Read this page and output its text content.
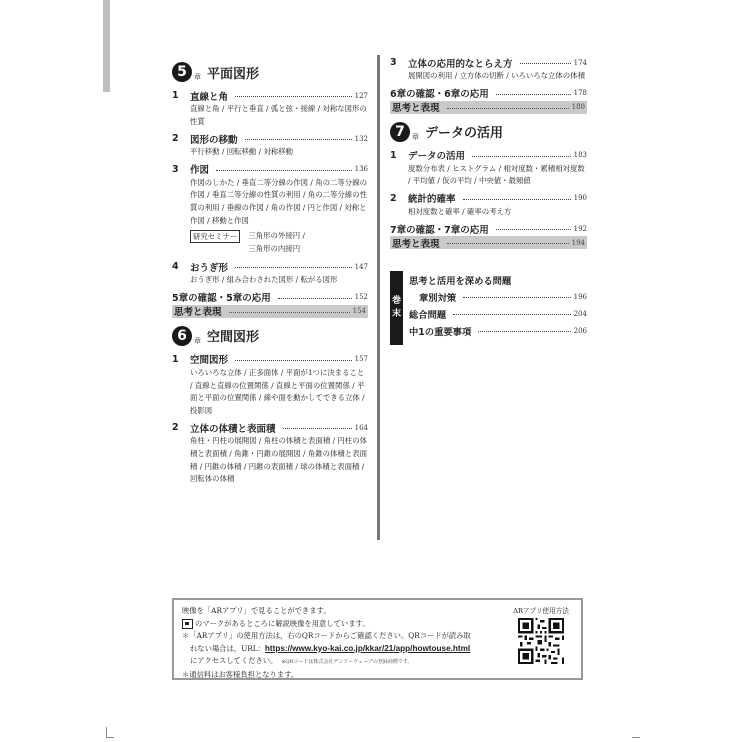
5	章 平面図形
1	直線と角	127
直線と角 / 平行と垂直 / 弧と弦・接線 / 対称な図形の性質
2	図形の移動	132
平行移動 / 回転移動 / 対称移動
3	作図	136
作図のしかた / 垂直二等分線の作図 / 角の二等分線の作図 / 垂直二等分線の性質の利用 / 角の二等分線の性質の利用 / 垂線の作図 / 角の作図 / 円と作図 / 対称と作図 / 移動と作図
研究セミナー	三角形の外接円 /
三角形の内接円
4	おうぎ形	147
おうぎ形 / 組み合わされた図形 / 転がる図形
5章の確認・5章の応用	152
思考と表現	154
6	章 空間図形
1	空間図形	157
いろいろな立体 / 正多面体 / 平面が1つに決まること / 直線と直線の位置関係 / 直線と平面の位置関係 / 平面と平面の位置関係 / 線や面を動かしてできる立体 / 投影図
2	立体の体積と表面積	164
角柱・円柱の展開図 / 角柱の体積と表面積 / 円柱の体積と表面積 / 角錐・円錐の展開図 / 角錐の体積と表面積 / 円錐の体積 / 円錐の表面積 / 球の体積と表面積 / 回転体の体積
3	立体の応用的なとらえ方	174
展開図の利用 / 立方体の切断 / いろいろな立体の体積
6章の確認・6章の応用	178
思考と表現	180
7	章 データの活用
1	データの活用	183
度数分布表 / ヒストグラム / 相対度数・累積相対度数 / 平均値 / 仮の平均 / 中央値・最頻値
2	統計的確率	190
相対度数と確率 / 確率の考え方
7章の確認・7章の応用	192
思考と表現	194
巻
末
思考と活用を深める問題
章別対策	196
総合問題	204
中1の重要事項	206
映像を「ARアプリ」で見ることができます。
のマークがあるところに解説映像を用意しています。
＊「ARアプリ」の使用方法は，右のQRコードからご確認ください。QRコードが読み取
れない場合は，URL：https://www.kyo-kai.co.jp/kkar/21/app/howtouse.html
にアクセスしてください。 ※QRコードは株式会社デンソーウェーブの登録商標です。
＊通信料はお客様負担となります。
ARアプリ使用方法
